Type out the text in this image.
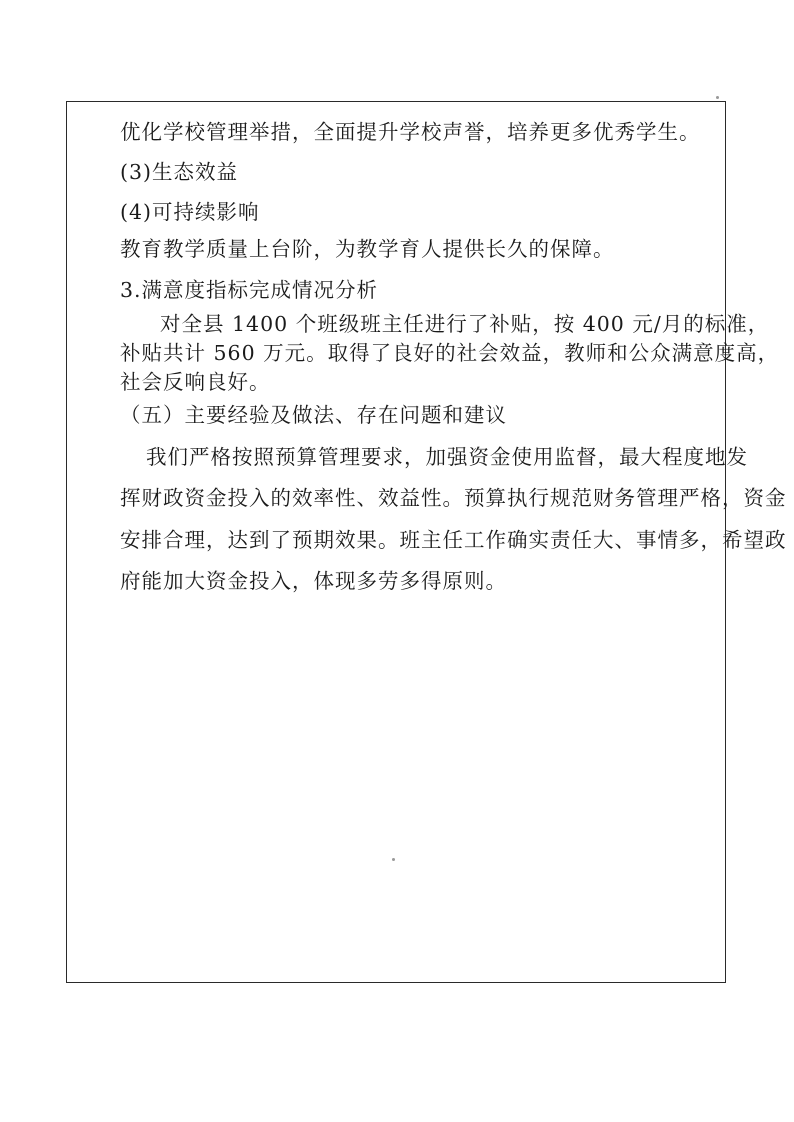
优化学校管理举措，全面提升学校声誉，培养更多优秀学生。
(3)生态效益
(4)可持续影响
教育教学质量上台阶，为教学育人提供长久的保障。
3.满意度指标完成情况分析
对全县 1400 个班级班主任进行了补贴，按 400 元/月的标准，
补贴共计 560 万元。取得了良好的社会效益，教师和公众满意度高，
社会反响良好。
（五）主要经验及做法、存在问题和建议
我们严格按照预算管理要求，加强资金使用监督，最大程度地发
挥财政资金投入的效率性、效益性。预算执行规范财务管理严格，资金
安排合理，达到了预期效果。班主任工作确实责任大、事情多，希望政
府能加大资金投入，体现多劳多得原则。
